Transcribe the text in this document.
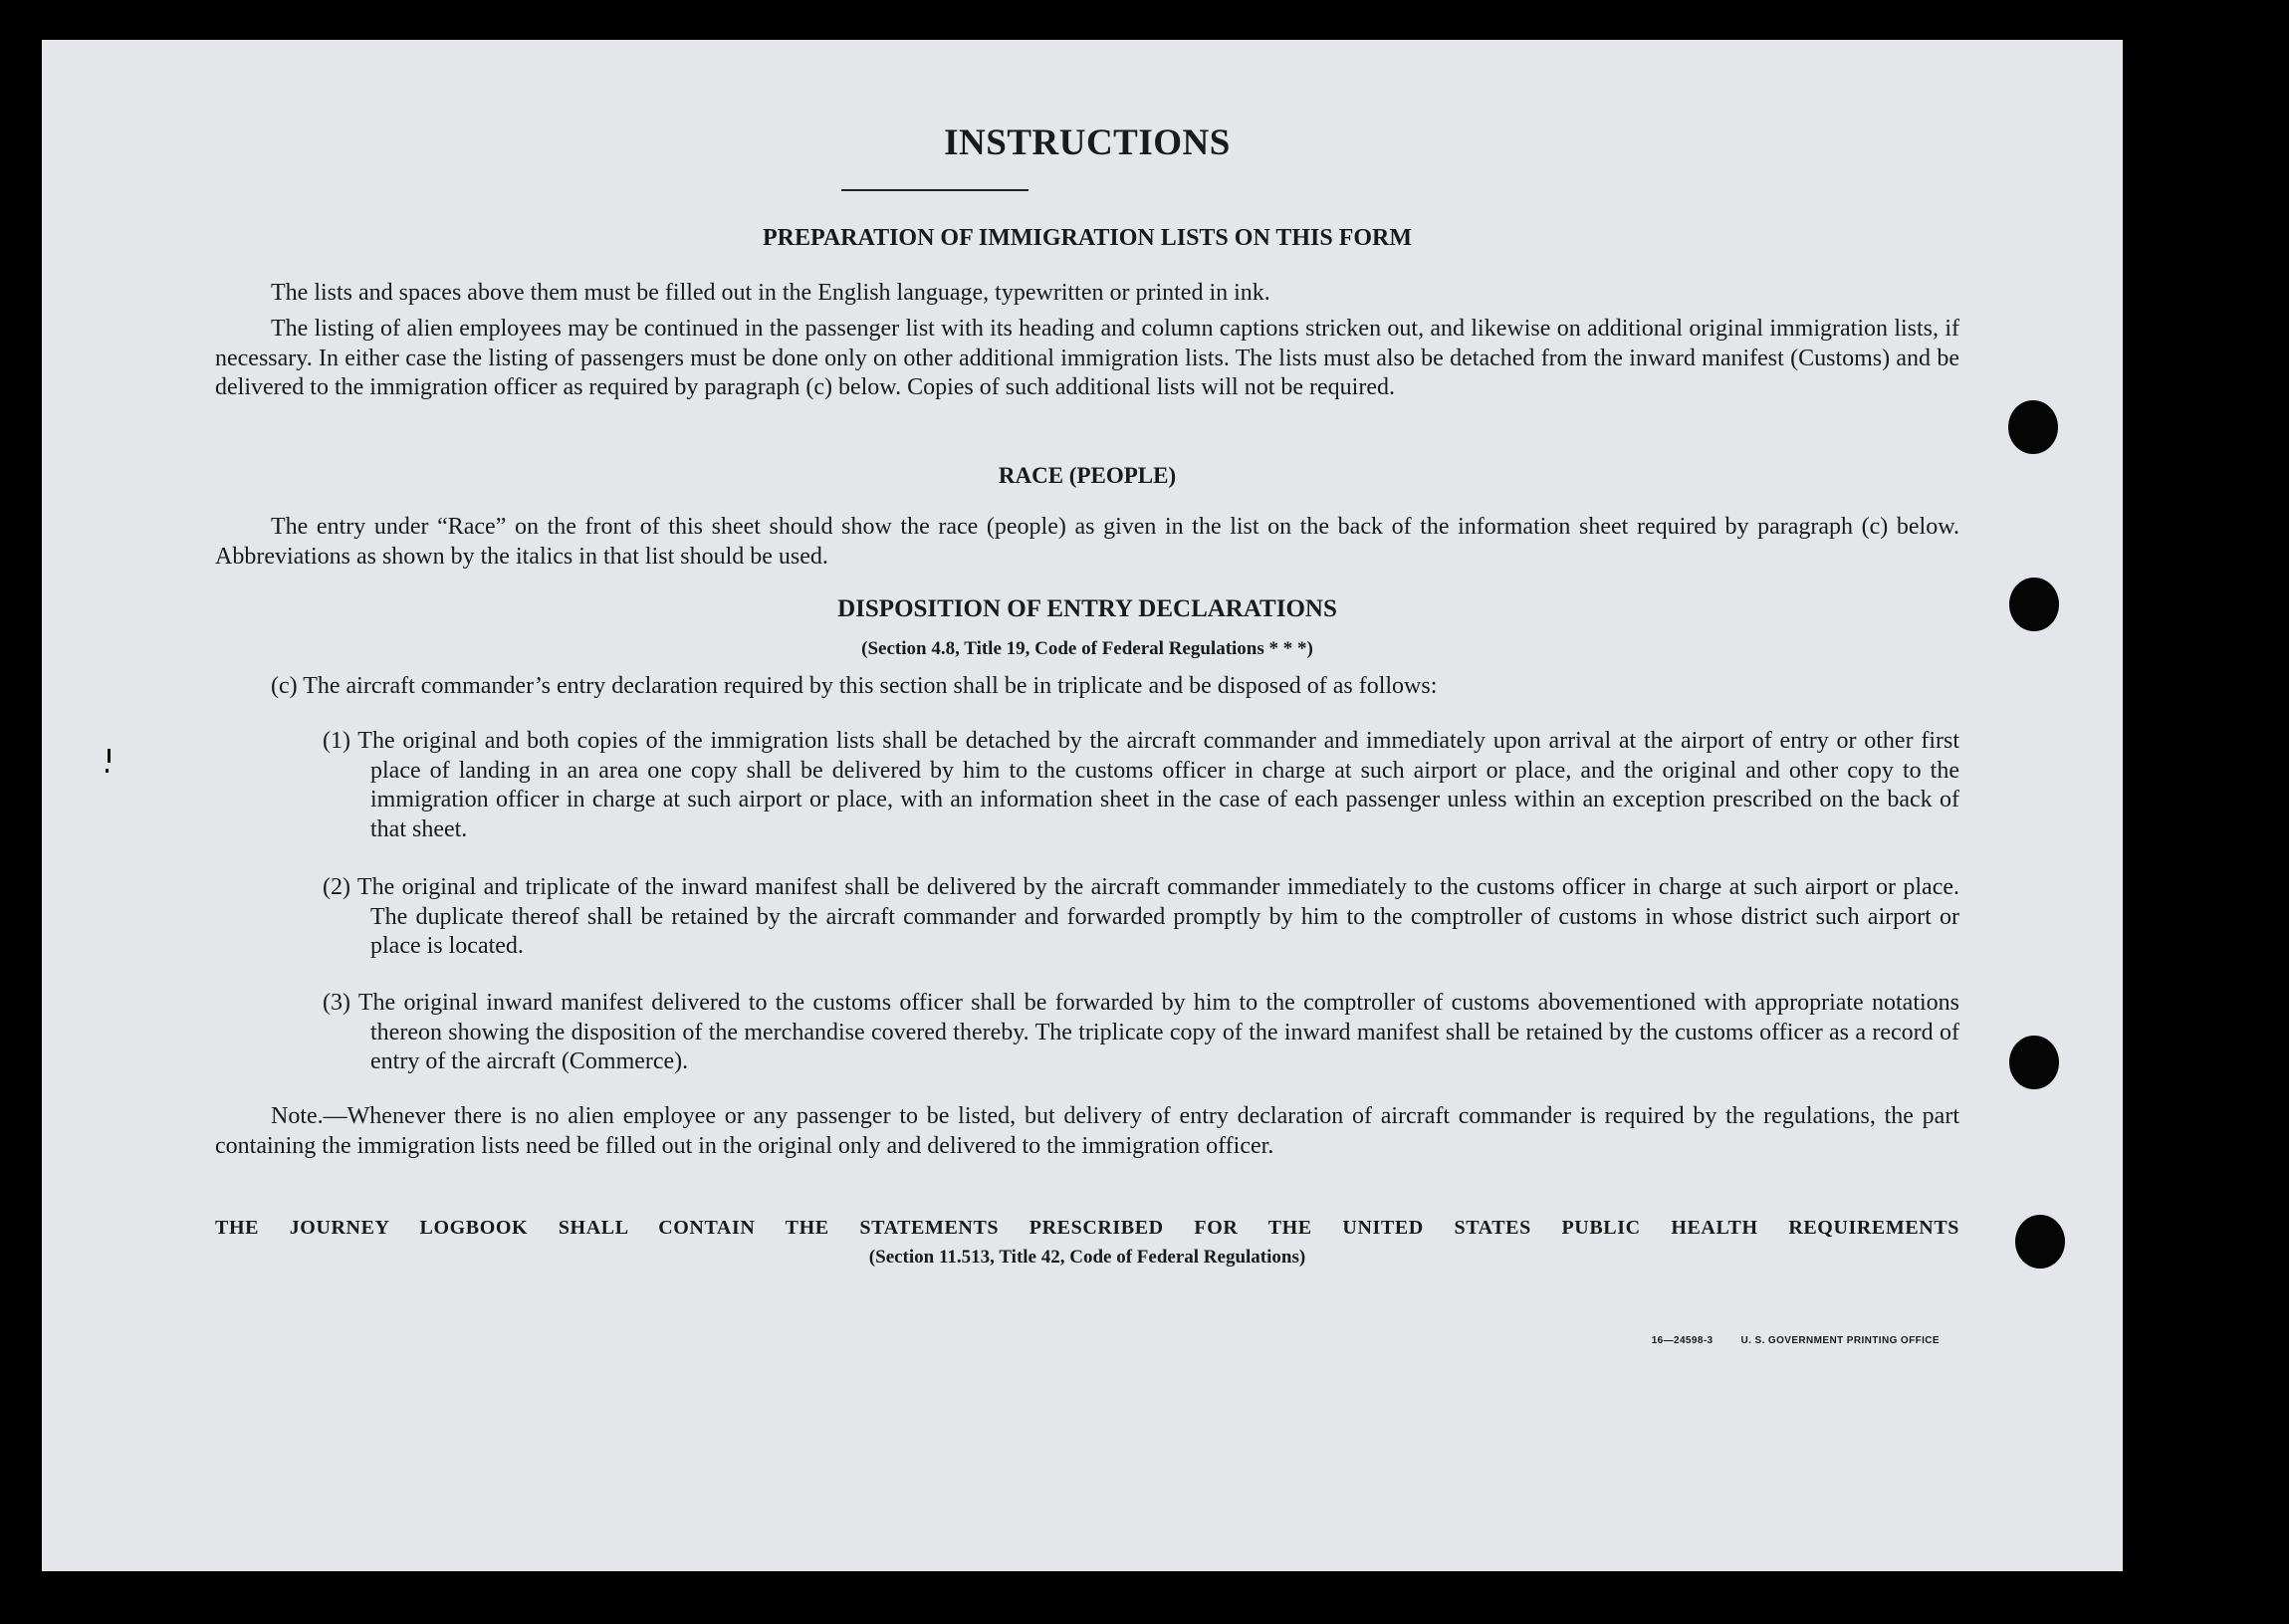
INSTRUCTIONS
PREPARATION OF IMMIGRATION LISTS ON THIS FORM
The lists and spaces above them must be filled out in the English language, typewritten or printed in ink.

The listing of alien employees may be continued in the passenger list with its heading and column captions stricken out, and likewise on additional original immigration lists, if necessary. In either case the listing of passengers must be done only on other additional immigration lists. The lists must also be detached from the inward manifest (Customs) and be delivered to the immigration officer as required by paragraph (c) below. Copies of such additional lists will not be required.

RACE (PEOPLE)

The entry under “Race” on the front of this sheet should show the race (people) as given in the list on the back of the information sheet required by paragraph (c) below. Abbreviations as shown by the italics in that list should be used.

DISPOSITION OF ENTRY DECLARATIONS
(Section 4.8, Title 19, Code of Federal Regulations * * *)
(c) The aircraft commander’s entry declaration required by this section shall be in triplicate and be disposed of as follows:

(1) The original and both copies of the immigration lists shall be detached by the aircraft commander and immediately upon arrival at the airport of entry or other first place of landing in an area one copy shall be delivered by him to the customs officer in charge at such airport or place, and the original and other copy to the immigration officer in charge at such airport or place, with an information sheet in the case of each passenger unless within an exception prescribed on the back of that sheet.

(2) The original and triplicate of the inward manifest shall be delivered by the aircraft commander immediately to the customs officer in charge at such airport or place. The duplicate thereof shall be retained by the aircraft commander and forwarded promptly by him to the comptroller of customs in whose district such airport or place is located.

(3) The original inward manifest delivered to the customs officer shall be forwarded by him to the comptroller of customs abovementioned with appropriate notations thereon showing the disposition of the merchandise covered thereby. The triplicate copy of the inward manifest shall be retained by the customs officer as a record of entry of the aircraft (Commerce).

Note.—Whenever there is no alien employee or any passenger to be listed, but delivery of entry declaration of aircraft commander is required by the regulations, the part containing the immigration lists need be filled out in the original only and delivered to the immigration officer.

THE JOURNEY LOGBOOK SHALL CONTAIN THE STATEMENTS PRESCRIBED FOR THE UNITED STATES PUBLIC HEALTH REQUIREMENTS
(Section 11.513, Title 42, Code of Federal Regulations)
16—24598-3	U. S. GOVERNMENT PRINTING OFFICE
